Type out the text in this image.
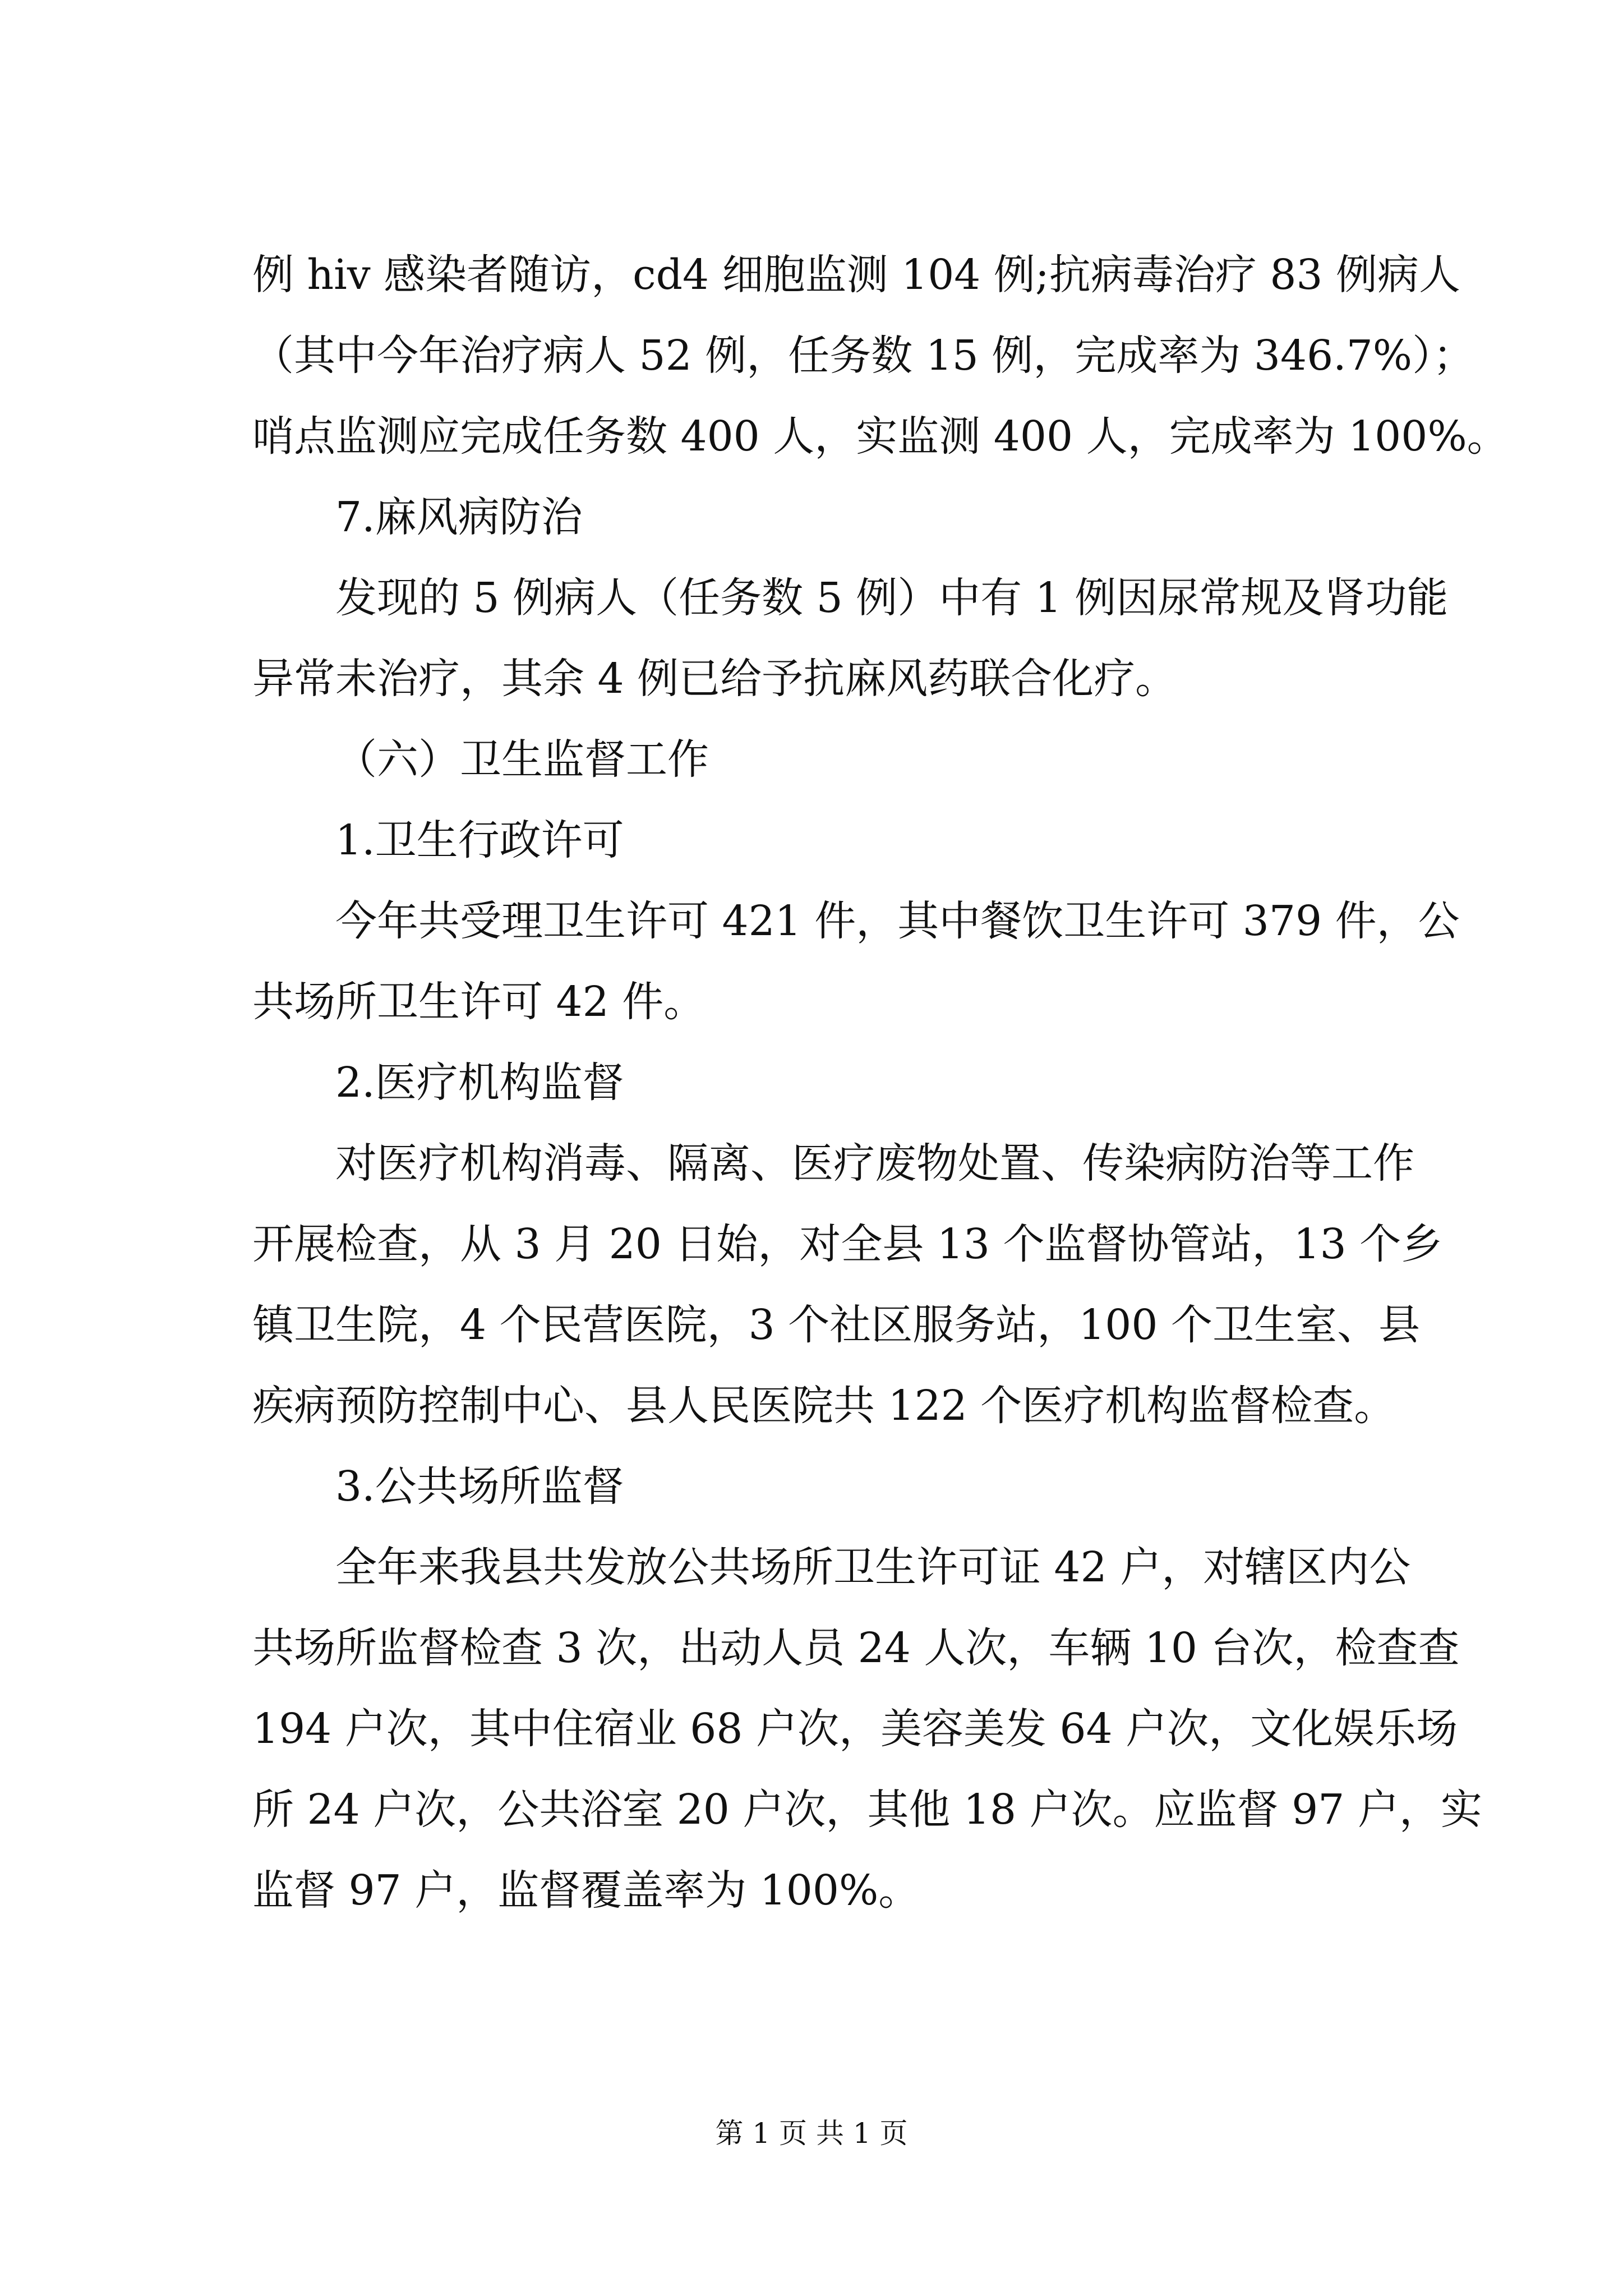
例 hiv 感染者随访，cd4 细胞监测 104 例;抗病毒治疗 83 例病人
（其中今年治疗病人 52 例，任务数 15 例，完成率为 346.7%）；
哨点监测应完成任务数 400 人，实监测 400 人，完成率为 100%。
7.麻风病防治
发现的 5 例病人（任务数 5 例）中有 1 例因尿常规及肾功能
异常未治疗，其余 4 例已给予抗麻风药联合化疗。
（六）卫生监督工作
1.卫生行政许可
今年共受理卫生许可 421 件，其中餐饮卫生许可 379 件，公
共场所卫生许可 42 件。
2.医疗机构监督
对医疗机构消毒、隔离、医疗废物处置、传染病防治等工作
开展检查，从 3 月 20 日始，对全县 13 个监督协管站，13 个乡
镇卫生院，4 个民营医院，3 个社区服务站，100 个卫生室、县
疾病预防控制中心、县人民医院共 122 个医疗机构监督检查。
3.公共场所监督
全年来我县共发放公共场所卫生许可证 42 户，对辖区内公
共场所监督检查 3 次，出动人员 24 人次，车辆 10 台次，检查查
194 户次，其中住宿业 68 户次，美容美发 64 户次，文化娱乐场
所 24 户次，公共浴室 20 户次，其他 18 户次。应监督 97 户，实
监督 97 户，监督覆盖率为 100%。
第 1 页 共 1 页
